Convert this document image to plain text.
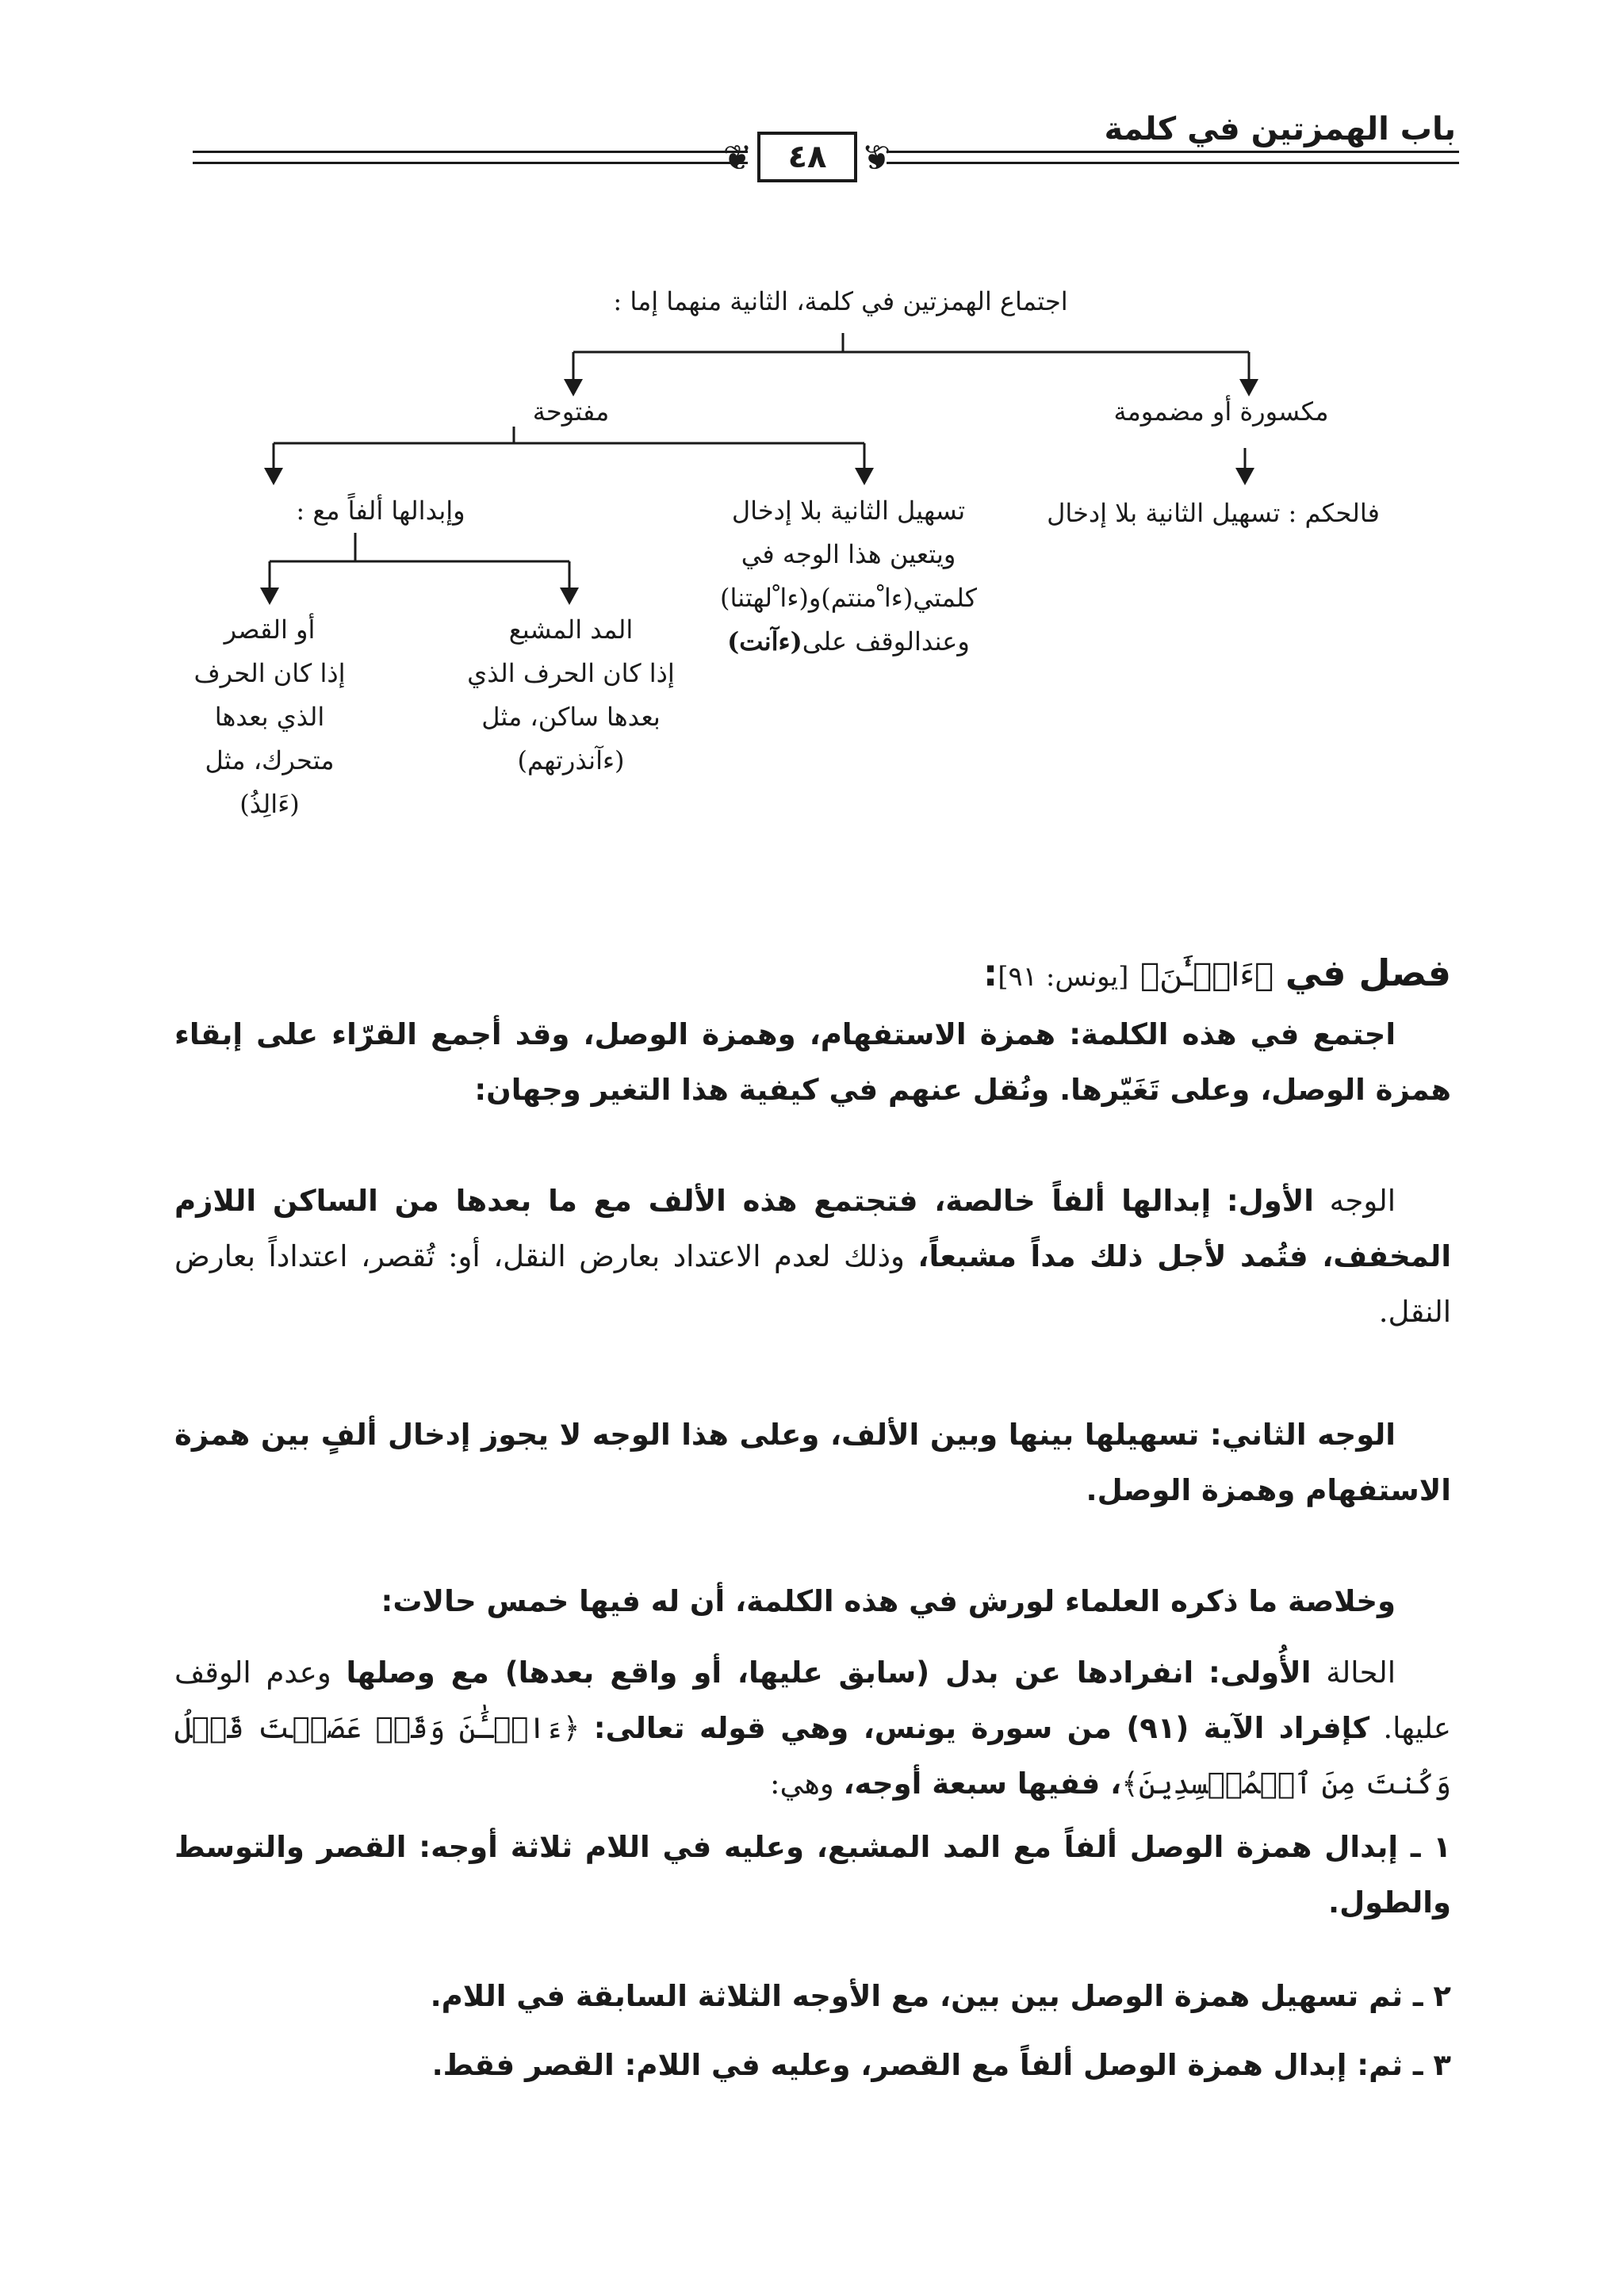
باب الهمزتين في كلمة
❦	❦
٤٨
اجتماع الهمزتين في كلمة، الثانية منهما إما :
مفتوحة	مكسورة أو مضمومة
فالحكم : تسهيل الثانية بلا إدخال
تسهيل الثانية بلا إدخال
ويتعين هذا الوجه في
كلمتي(ءا ْمنتم)و(ءا ْلهتنا)
وعندالوقف على(ءآنت)
وإبدالها ألفاً مع :
المد المشبع
إذا كان الحرف الذي
بعدها ساكن، مثل
(ءآنذرتهم)
أو القصر
إذا كان الحرف
الذي بعدها
متحرك، مثل
(ءَالِذُ)
فصل في ﴿ءَالۡـَٰٔنَ﴾ [يونس: ٩١]:
اجتمع في هذه الكلمة: همزة الاستفهام، وهمزة الوصل، وقد أجمع القرّاء على إبقاء همزة الوصل، وعلى تَغَيّرها. ونُقل عنهم في كيفية هذا التغير وجهان:
الوجه الأول: إبدالها ألفاً خالصة، فتجتمع هذه الألف مع ما بعدها من الساكن اللازم المخفف، فتُمد لأجل ذلك مداً مشبعاً، وذلك لعدم الاعتداد بعارض النقل، أو: تُقصر، اعتداداً بعارض النقل.
الوجه الثاني: تسهيلها بينها وبين الألف، وعلى هذا الوجه لا يجوز إدخال ألفٍ بين همزة الاستفهام وهمزة الوصل.
وخلاصة ما ذكره العلماء لورش في هذه الكلمة، أن له فيها خمس حالات:
الحالة الأُولى: انفرادها عن بدل (سابق عليها، أو واقع بعدها) مع وصلها وعدم الوقف عليها. كإفراد الآية (٩١) من سورة يونس، وهي قوله تعالى: ﴿ءَالۡـَٰٔنَ وَقَدۡ عَصَيۡتَ قَبۡلُ وَكُنتَ مِنَ ٱلۡمُفۡسِدِينَ﴾، ففيها سبعة أوجه، وهي:
١ ـ إبدال همزة الوصل ألفاً مع المد المشبع، وعليه في اللام ثلاثة أوجه: القصر والتوسط والطول.
٢ ـ ثم تسهيل همزة الوصل بين بين، مع الأوجه الثلاثة السابقة في اللام.
٣ ـ ثم: إبدال همزة الوصل ألفاً مع القصر، وعليه في اللام: القصر فقط.
